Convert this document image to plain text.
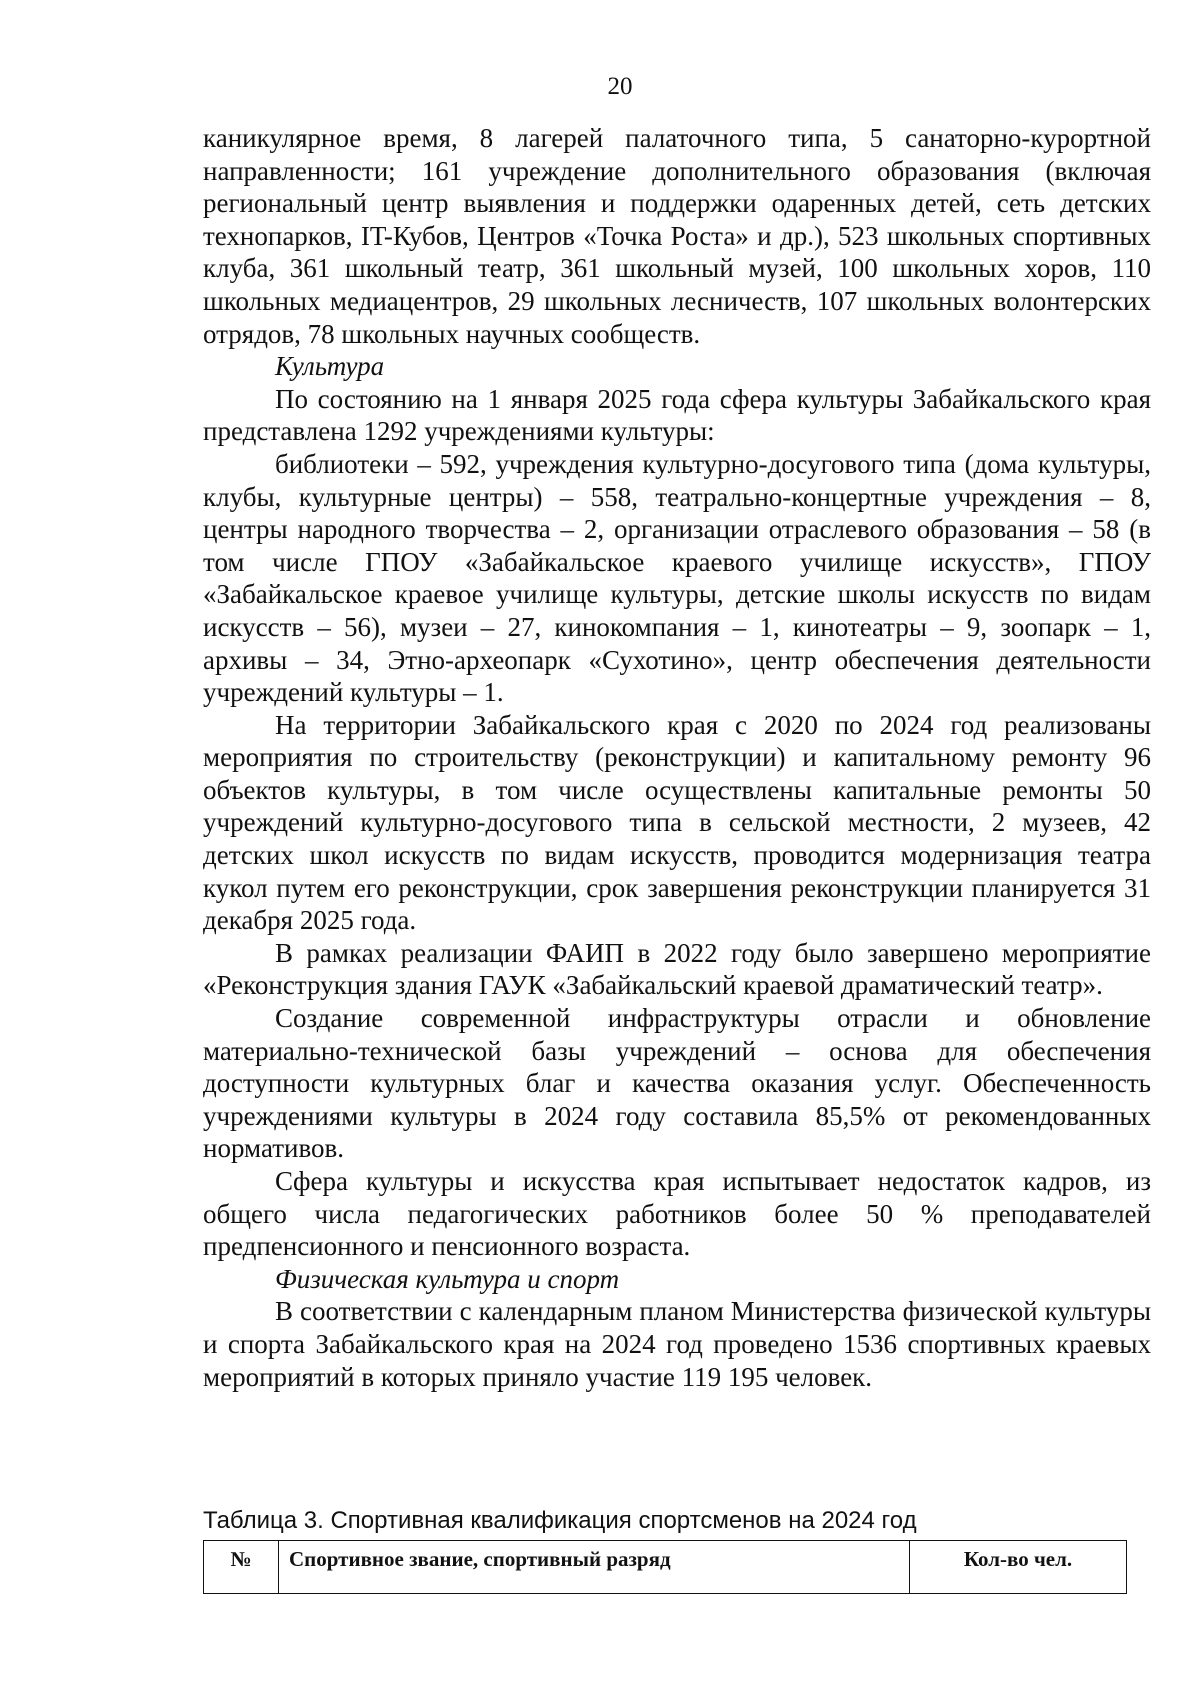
20

каникулярное время, 8 лагерей палаточного типа, 5 санаторно-курортной направленности; 161 учреждение дополнительного образования (включая региональный центр выявления и поддержки одаренных детей, сеть детских технопарков, IT-Кубов, Центров «Точка Роста» и др.), 523 школьных спортивных клуба, 361 школьный театр, 361 школьный музей, 100 школьных хоров, 110 школьных медиацентров, 29 школьных лесничеств, 107 школьных волонтерских отрядов, 78 школьных научных сообществ.

Культура

По состоянию на 1 января 2025 года сфера культуры Забайкальского края представлена 1292 учреждениями культуры:

библиотеки – 592, учреждения культурно-досугового типа (дома культуры, клубы, культурные центры) – 558, театрально-концертные учреждения – 8, центры народного творчества – 2, организации отраслевого образования – 58 (в том числе ГПОУ «Забайкальское краевого училище искусств», ГПОУ «Забайкальское краевое училище культуры, детские школы искусств по видам искусств – 56), музеи – 27, кинокомпания – 1, кинотеатры – 9, зоопарк – 1, архивы – 34, Этно-археопарк «Сухотино», центр обеспечения деятельности учреждений культуры – 1.

На территории Забайкальского края с 2020 по 2024 год реализованы мероприятия по строительству (реконструкции) и капитальному ремонту 96 объектов культуры, в том числе осуществлены капитальные ремонты 50 учреждений культурно-досугового типа в сельской местности, 2 музеев, 42 детских школ искусств по видам искусств, проводится модернизация театра кукол путем его реконструкции, срок завершения реконструкции планируется 31 декабря 2025 года.

В рамках реализации ФАИП в 2022 году было завершено мероприятие «Реконструкция здания ГАУК «Забайкальский краевой драматический театр».

Создание современной инфраструктуры отрасли и обновление материально-технической базы учреждений – основа для обеспечения доступности культурных благ и качества оказания услуг. Обеспеченность учреждениями культуры в 2024 году составила 85,5% от рекомендованных нормативов.

Сфера культуры и искусства края испытывает недостаток кадров, из общего числа педагогических работников более 50 % преподавателей предпенсионного и пенсионного возраста.

Физическая культура и спорт

В соответствии с календарным планом Министерства физической культуры и спорта Забайкальского края на 2024 год проведено 1536 спортивных краевых мероприятий в которых приняло участие 119 195 человек.

Таблица 3. Спортивная квалификация спортсменов на 2024 год
№	Спортивное звание, спортивный разряд	Кол-во чел.
